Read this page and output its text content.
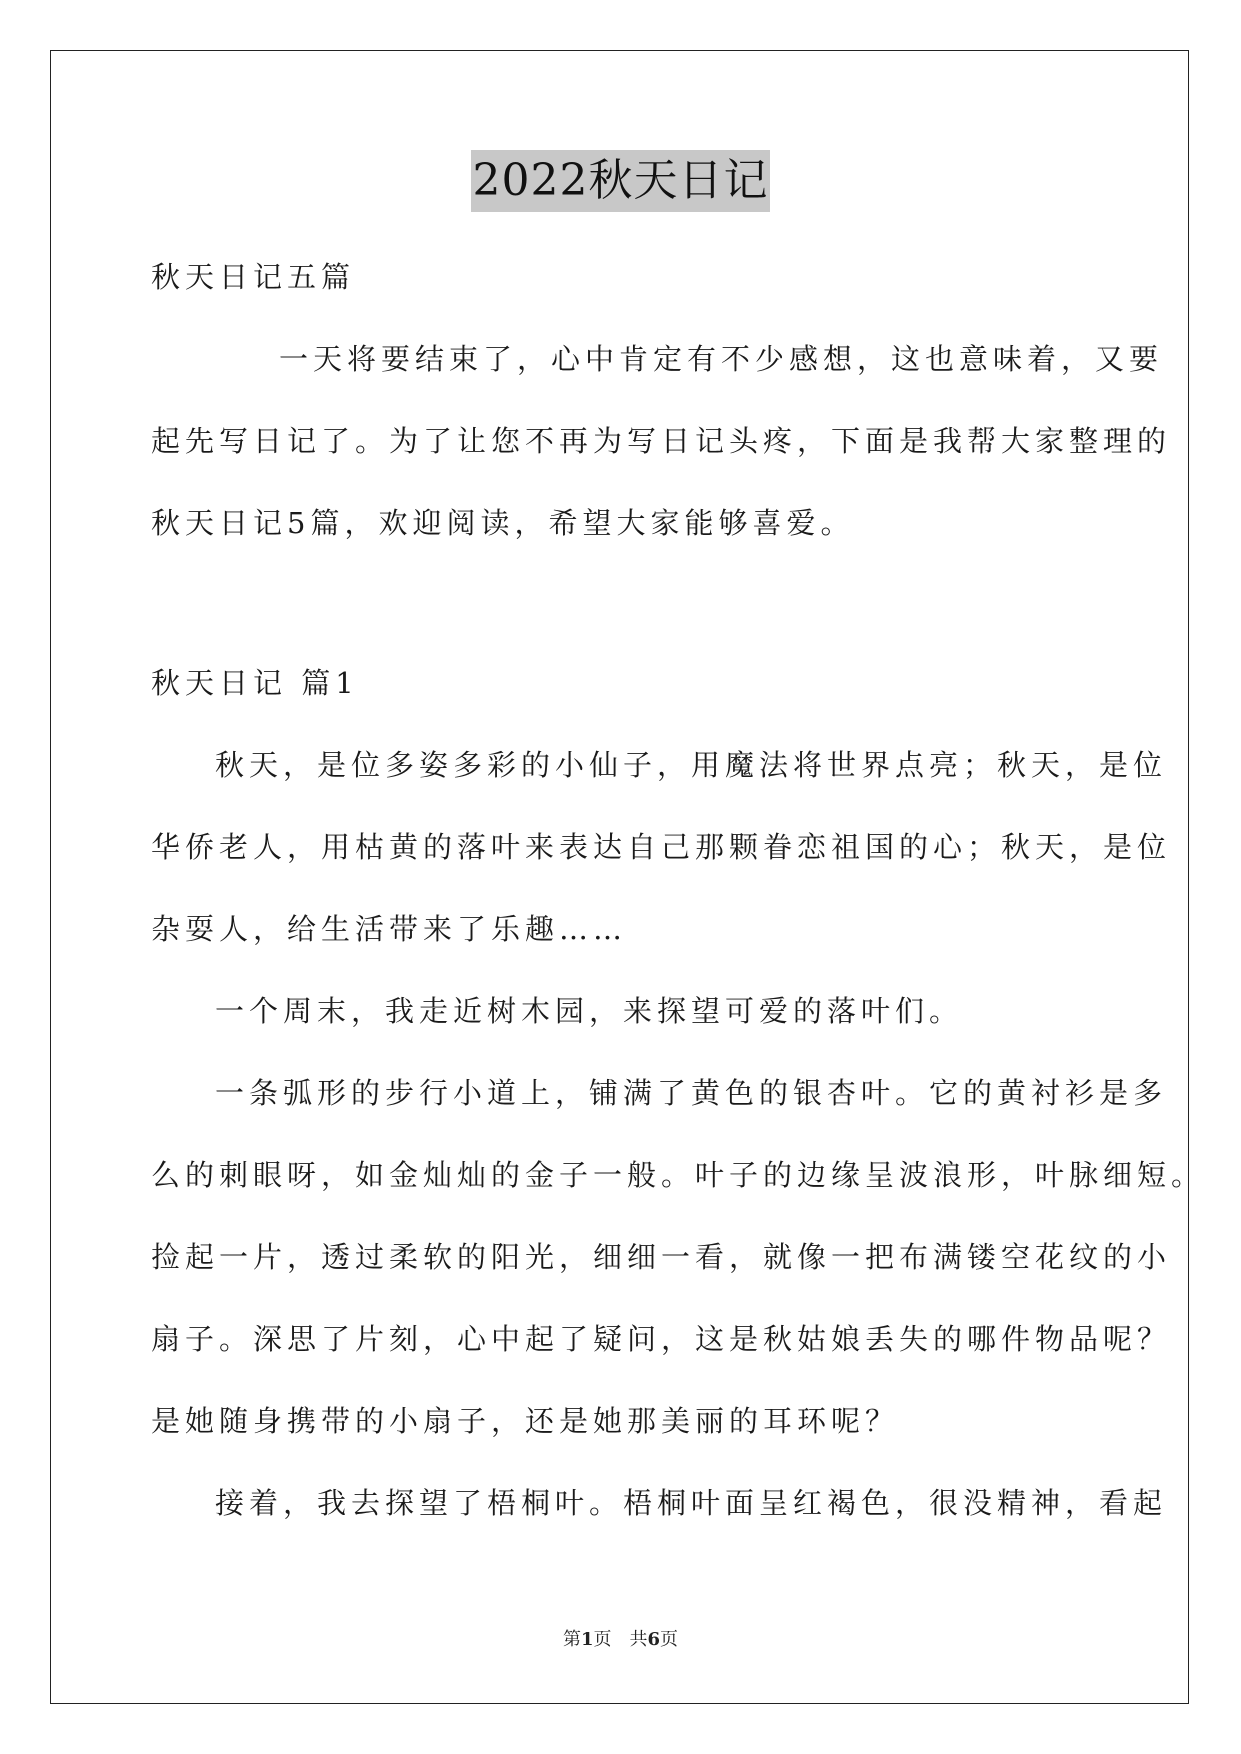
2022秋天日记
秋天日记五篇
一天将要结束了，心中肯定有不少感想，这也意味着，又要
起先写日记了。为了让您不再为写日记头疼，下面是我帮大家整理的
秋天日记5篇，欢迎阅读，希望大家能够喜爱。
秋天日记 篇1
秋天，是位多姿多彩的小仙子，用魔法将世界点亮；秋天，是位
华侨老人，用枯黄的落叶来表达自己那颗眷恋祖国的心；秋天，是位
杂耍人，给生活带来了乐趣……
一个周末，我走近树木园，来探望可爱的落叶们。
一条弧形的步行小道上，铺满了黄色的银杏叶。它的黄衬衫是多
么的刺眼呀，如金灿灿的金子一般。叶子的边缘呈波浪形，叶脉细短。
捡起一片，透过柔软的阳光，细细一看，就像一把布满镂空花纹的小
扇子。深思了片刻，心中起了疑问，这是秋姑娘丢失的哪件物品呢？
是她随身携带的小扇子，还是她那美丽的耳环呢？
接着，我去探望了梧桐叶。梧桐叶面呈红褐色，很没精神，看起
第1页　共6页
